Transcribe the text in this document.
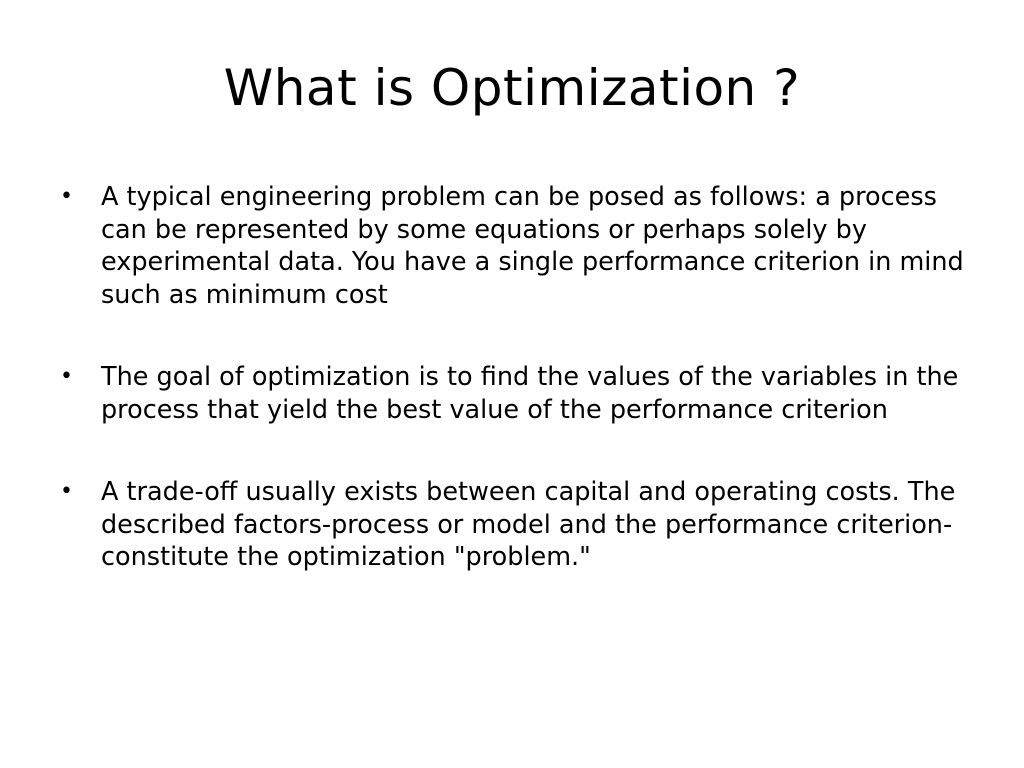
What is Optimization ?
• A typical engineering problem can be posed as follows: a process can be represented by some equations or perhaps solely by experimental data. You have a single performance criterion in mind such as minimum cost
• The goal of optimization is to find the values of the variables in the process that yield the best value of the performance criterion
• A trade-off usually exists between capital and operating costs. The described factors-process or model and the performance criterion-constitute the optimization "problem."
